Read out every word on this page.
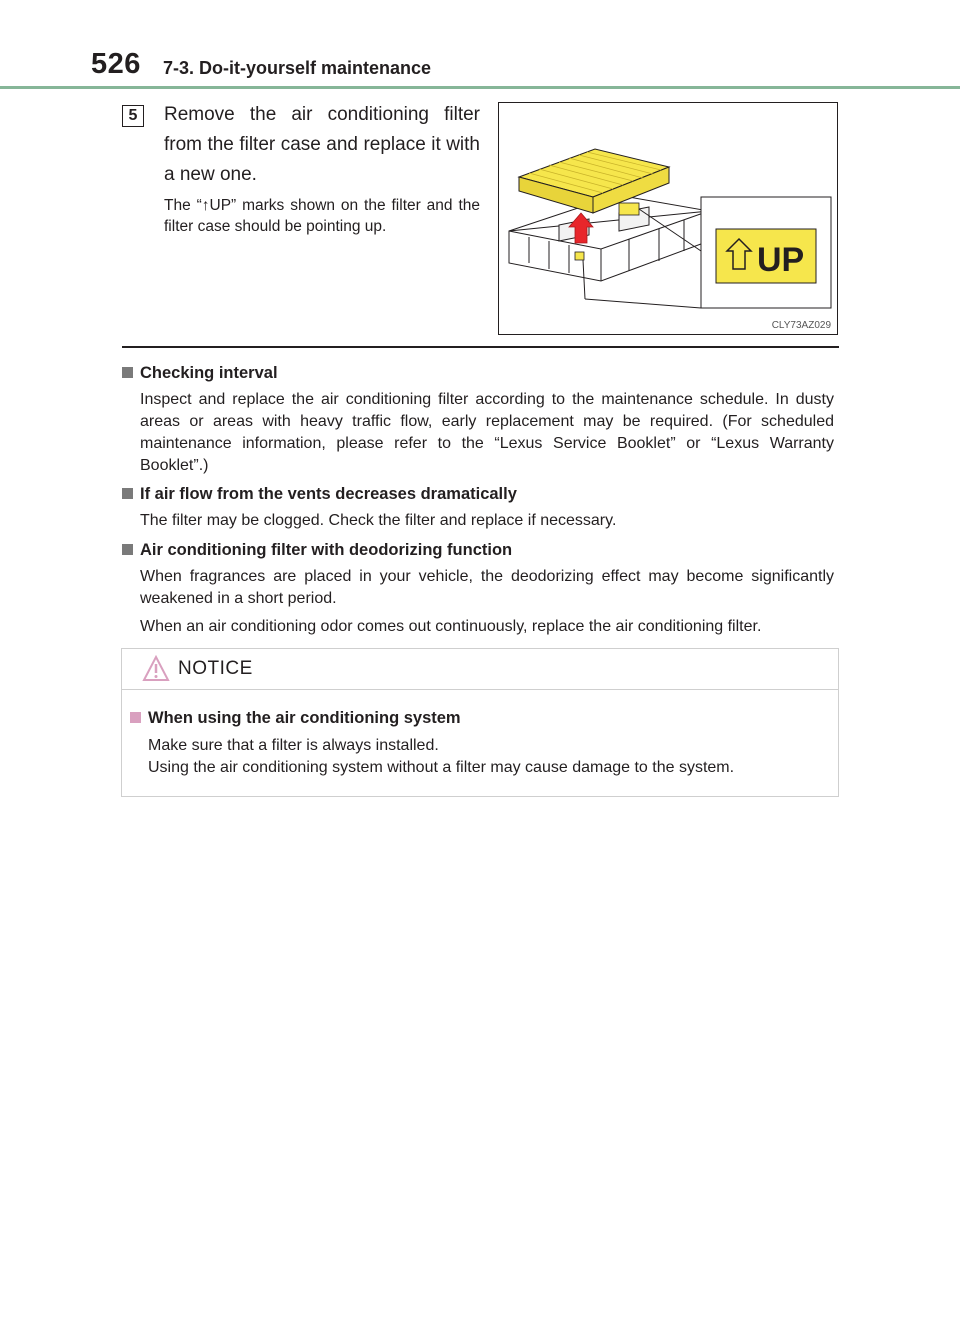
526 7-3. Do-it-yourself maintenance
5	Remove the air conditioning filter from the filter case and replace it with a new one.
The “↑UP” marks shown on the filter and the filter case should be pointing up.
UP
CLY73AZ029
Checking interval

Inspect and replace the air conditioning filter according to the maintenance schedule. In dusty areas or areas with heavy traffic flow, early replacement may be required. (For scheduled maintenance information, please refer to the “Lexus Service Booklet” or “Lexus Warranty Booklet”.)

If air flow from the vents decreases dramatically

The filter may be clogged. Check the filter and replace if necessary.

Air conditioning filter with deodorizing function

When fragrances are placed in your vehicle, the deodorizing effect may become significantly weakened in a short period.

When an air conditioning odor comes out continuously, replace the air conditioning filter.

NOTICE
When using the air conditioning system

Make sure that a filter is always installed.

Using the air conditioning system without a filter may cause damage to the system.
